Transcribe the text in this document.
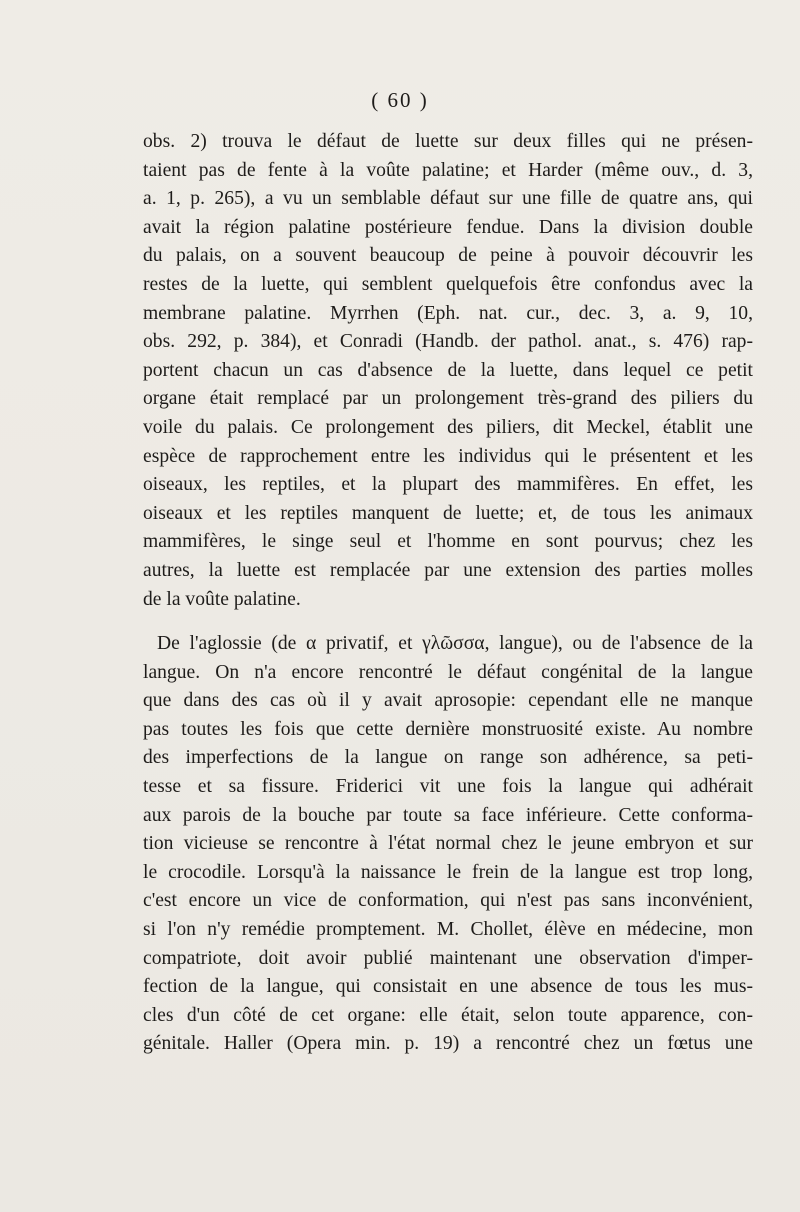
( 60 )
obs. 2) trouva le défaut de luette sur deux filles qui ne présen-
taient pas de fente à la voûte palatine; et Harder (même ouv., d. 3,
a. 1, p. 265), a vu un semblable défaut sur une fille de quatre ans, qui
avait la région palatine postérieure fendue. Dans la division double
du palais, on a souvent beaucoup de peine à pouvoir découvrir les
restes de la luette, qui semblent quelquefois être confondus avec la
membrane palatine. Myrrhen (Eph. nat. cur., dec. 3, a. 9, 10,
obs. 292, p. 384), et Conradi (Handb. der pathol. anat., s. 476) rap-
portent chacun un cas d'absence de la luette, dans lequel ce petit
organe était remplacé par un prolongement très-grand des piliers du
voile du palais. Ce prolongement des piliers, dit Meckel, établit une
espèce de rapprochement entre les individus qui le présentent et les
oiseaux, les reptiles, et la plupart des mammifères. En effet, les
oiseaux et les reptiles manquent de luette; et, de tous les animaux
mammifères, le singe seul et l'homme en sont pourvus; chez les
autres, la luette est remplacée par une extension des parties molles
de la voûte palatine.
De l'aglossie (de α privatif, et γλῶσσα, langue), ou de l'absence de la
langue. On n'a encore rencontré le défaut congénital de la langue
que dans des cas où il y avait aprosopie: cependant elle ne manque
pas toutes les fois que cette dernière monstruosité existe. Au nombre
des imperfections de la langue on range son adhérence, sa peti-
tesse et sa fissure. Friderici vit une fois la langue qui adhérait
aux parois de la bouche par toute sa face inférieure. Cette conforma-
tion vicieuse se rencontre à l'état normal chez le jeune embryon et sur
le crocodile. Lorsqu'à la naissance le frein de la langue est trop long,
c'est encore un vice de conformation, qui n'est pas sans inconvénient,
si l'on n'y remédie promptement. M. Chollet, élève en médecine, mon
compatriote, doit avoir publié maintenant une observation d'imper-
fection de la langue, qui consistait en une absence de tous les mus-
cles d'un côté de cet organe: elle était, selon toute apparence, con-
génitale. Haller (Opera min. p. 19) a rencontré chez un fœtus une
